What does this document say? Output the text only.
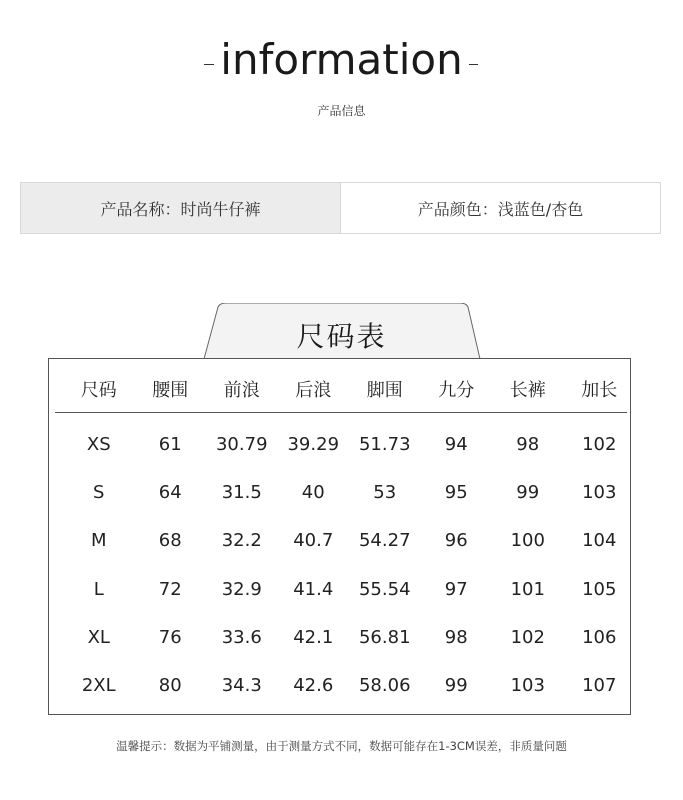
information
产品信息
产品名称：时尚牛仔裤	产品颜色：浅蓝色/杏色
尺码表
尺码	腰围	前浪	后浪	脚围	九分	长裤	加长
XS	61	30.79	39.29	51.73	94	98	102
S	64	31.5	40	53	95	99	103
M	68	32.2	40.7	54.27	96	100	104
L	72	32.9	41.4	55.54	97	101	105
XL	76	33.6	42.1	56.81	98	102	106
2XL	80	34.3	42.6	58.06	99	103	107
温馨提示：数据为平铺测量，由于测量方式不同，数据可能存在1-3CM误差，非质量问题
